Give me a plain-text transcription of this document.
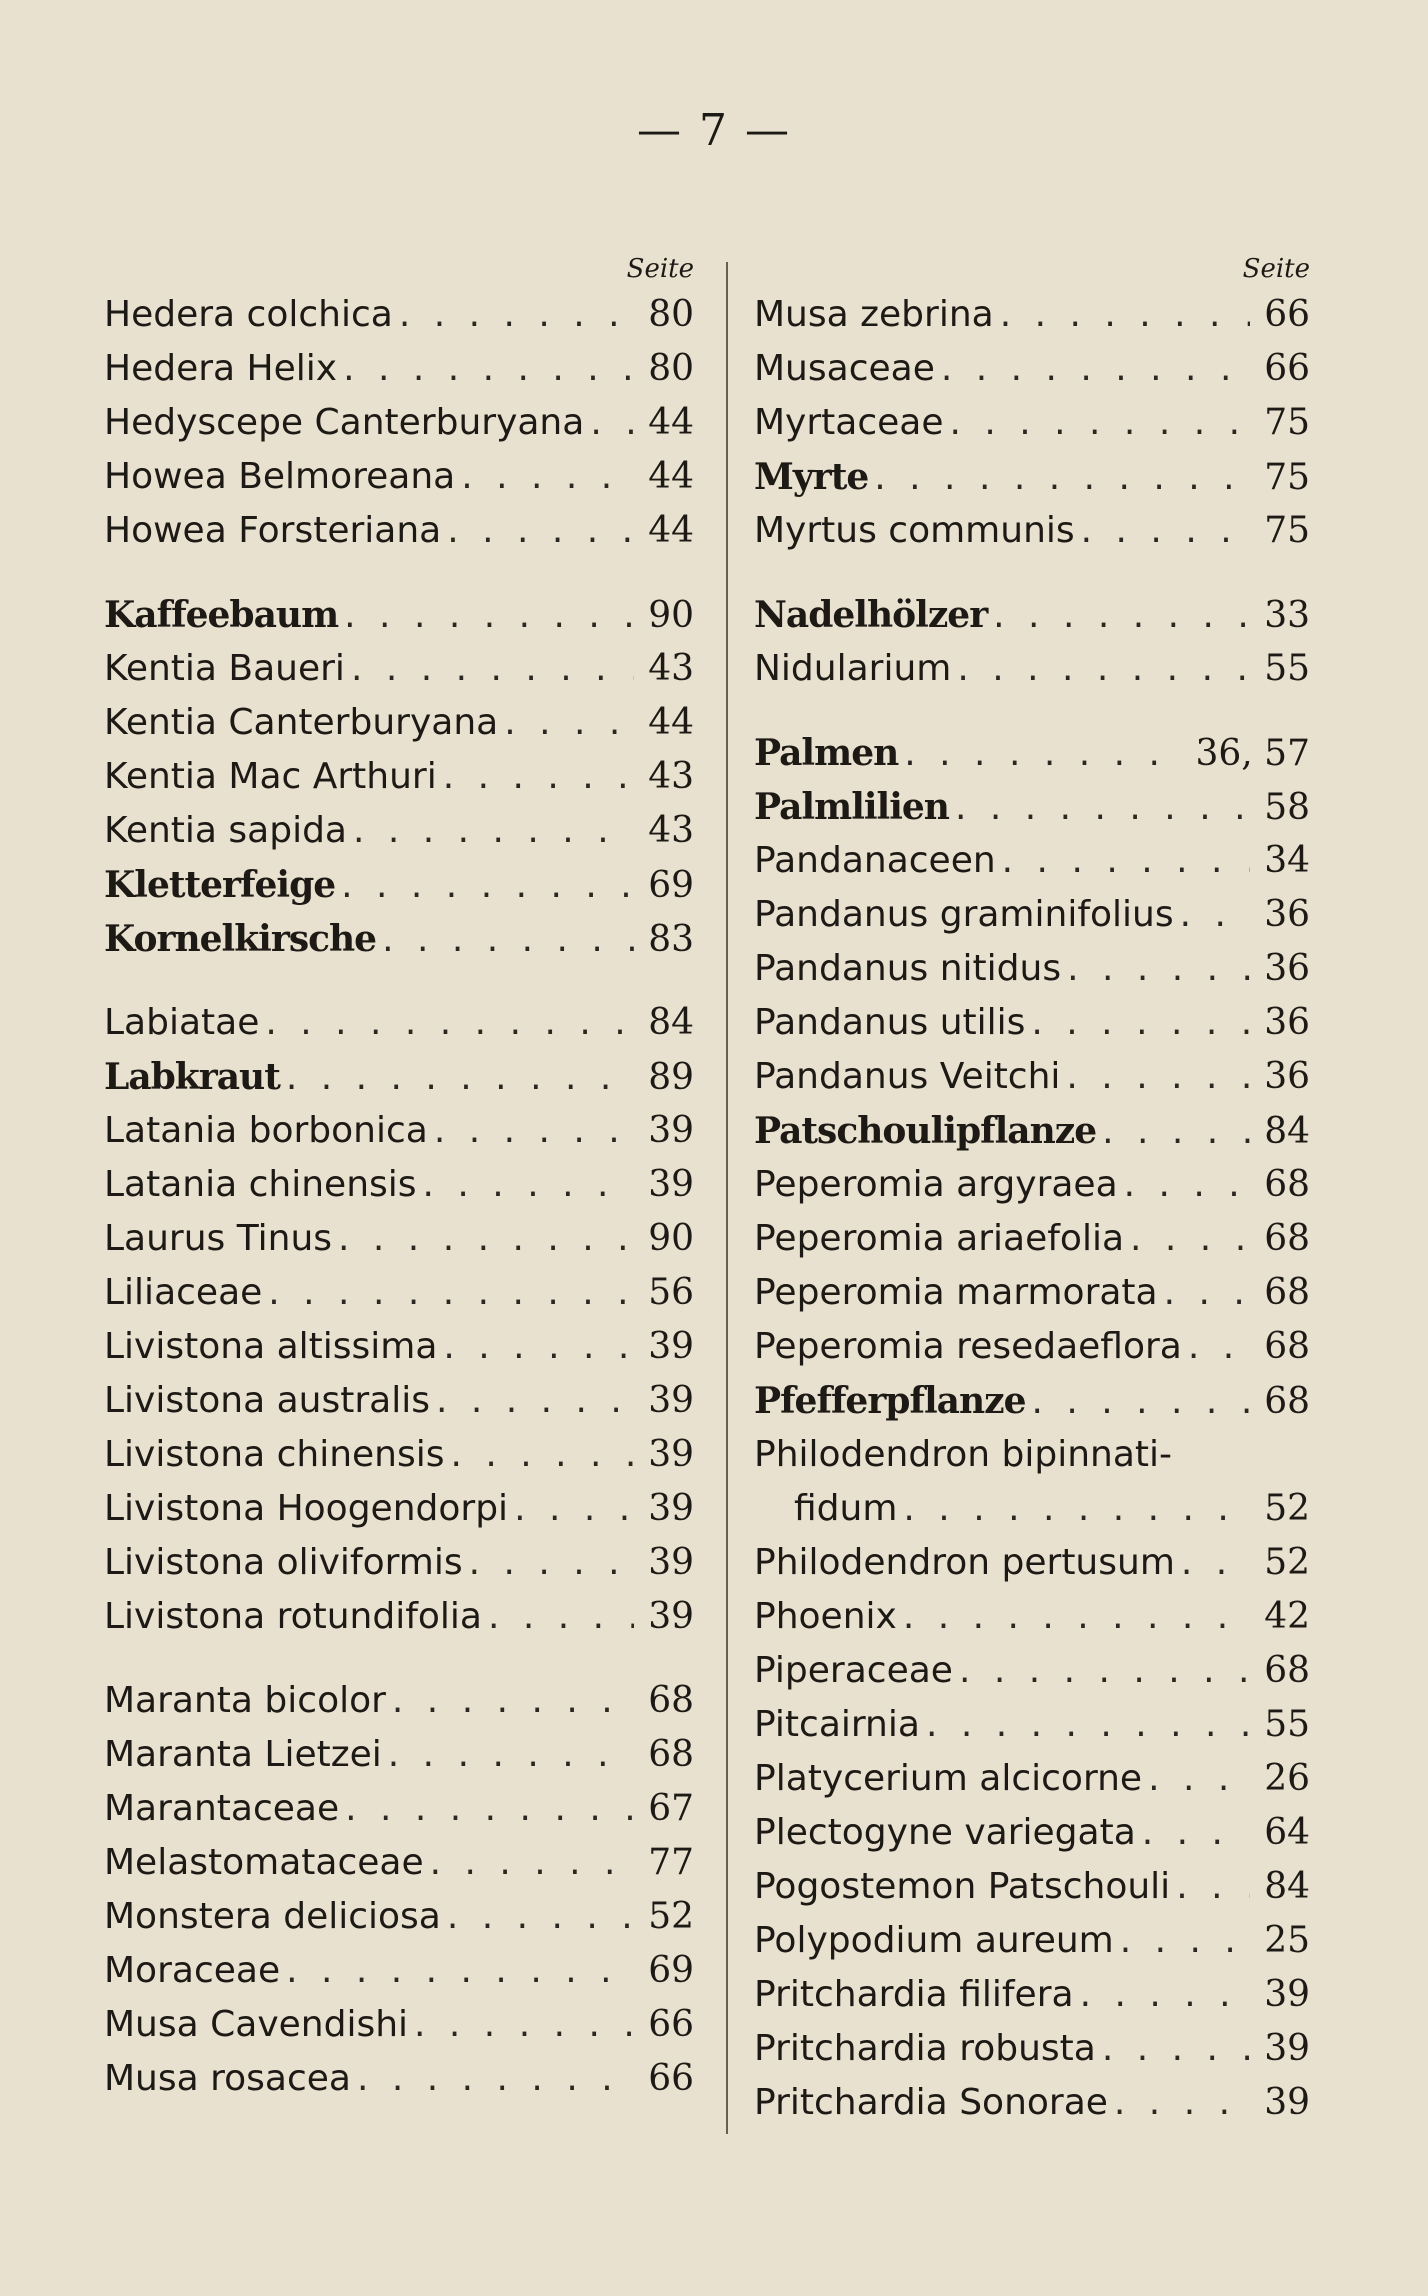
— 7 —
Seite
Hedera colchica . . .	80
Hedera Helix . . .	80
Hedyscepe Canterburyana . . .	44
Howea Belmoreana . . .	44
Howea Forsteriana . . .	44
Kaffeebaum . . .	90
Kentia Baueri . . .	43
Kentia Canterburyana . . .	44
Kentia Mac Arthuri . . .	43
Kentia sapida . . .	43
Kletterfeige . . .	69
Kornelkirsche . . .	83
Labiatae . . .	84
Labkraut . . .	89
Latania borbonica . . .	39
Latania chinensis . . .	39
Laurus Tinus . . .	90
Liliaceae . . .	56
Livistona altissima . . .	39
Livistona australis . . .	39
Livistona chinensis . . .	39
Livistona Hoogendorpi . . .	39
Livistona oliviformis . . .	39
Livistona rotundifolia . . .	39
Maranta bicolor . . .	68
Maranta Lietzei . . .	68
Marantaceae . . .	67
Melastomataceae . . .	77
Monstera deliciosa . . .	52
Moraceae . . .	69
Musa Cavendishi . . .	66
Musa rosacea . . .	66
Seite
Musa zebrina . . .	66
Musaceae . . .	66
Myrtaceae . . .	75
Myrte . . .	75
Myrtus communis . . .	75
Nadelhölzer . . .	33
Nidularium . . .	55
Palmen . . .	36, 57
Palmlilien . . .	58
Pandanaceen . . .	34
Pandanus graminifolius . . .	36
Pandanus nitidus . . .	36
Pandanus utilis . . .	36
Pandanus Veitchi . . .	36
Patschoulipflanze . . .	84
Peperomia argyraea . . .	68
Peperomia ariaefolia . . .	68
Peperomia marmorata . . .	68
Peperomia resedaeflora . . .	68
Pfefferpflanze . . .	68
Philodendron bipinnati-
fidum . . .	52
Philodendron pertusum . . .	52
Phoenix . . .	42
Piperaceae . . .	68
Pitcairnia . . .	55
Platycerium alcicorne . . .	26
Plectogyne variegata . . .	64
Pogostemon Patschouli . . .	84
Polypodium aureum . . .	25
Pritchardia filifera . . .	39
Pritchardia robusta . . .	39
Pritchardia Sonorae . . .	39
